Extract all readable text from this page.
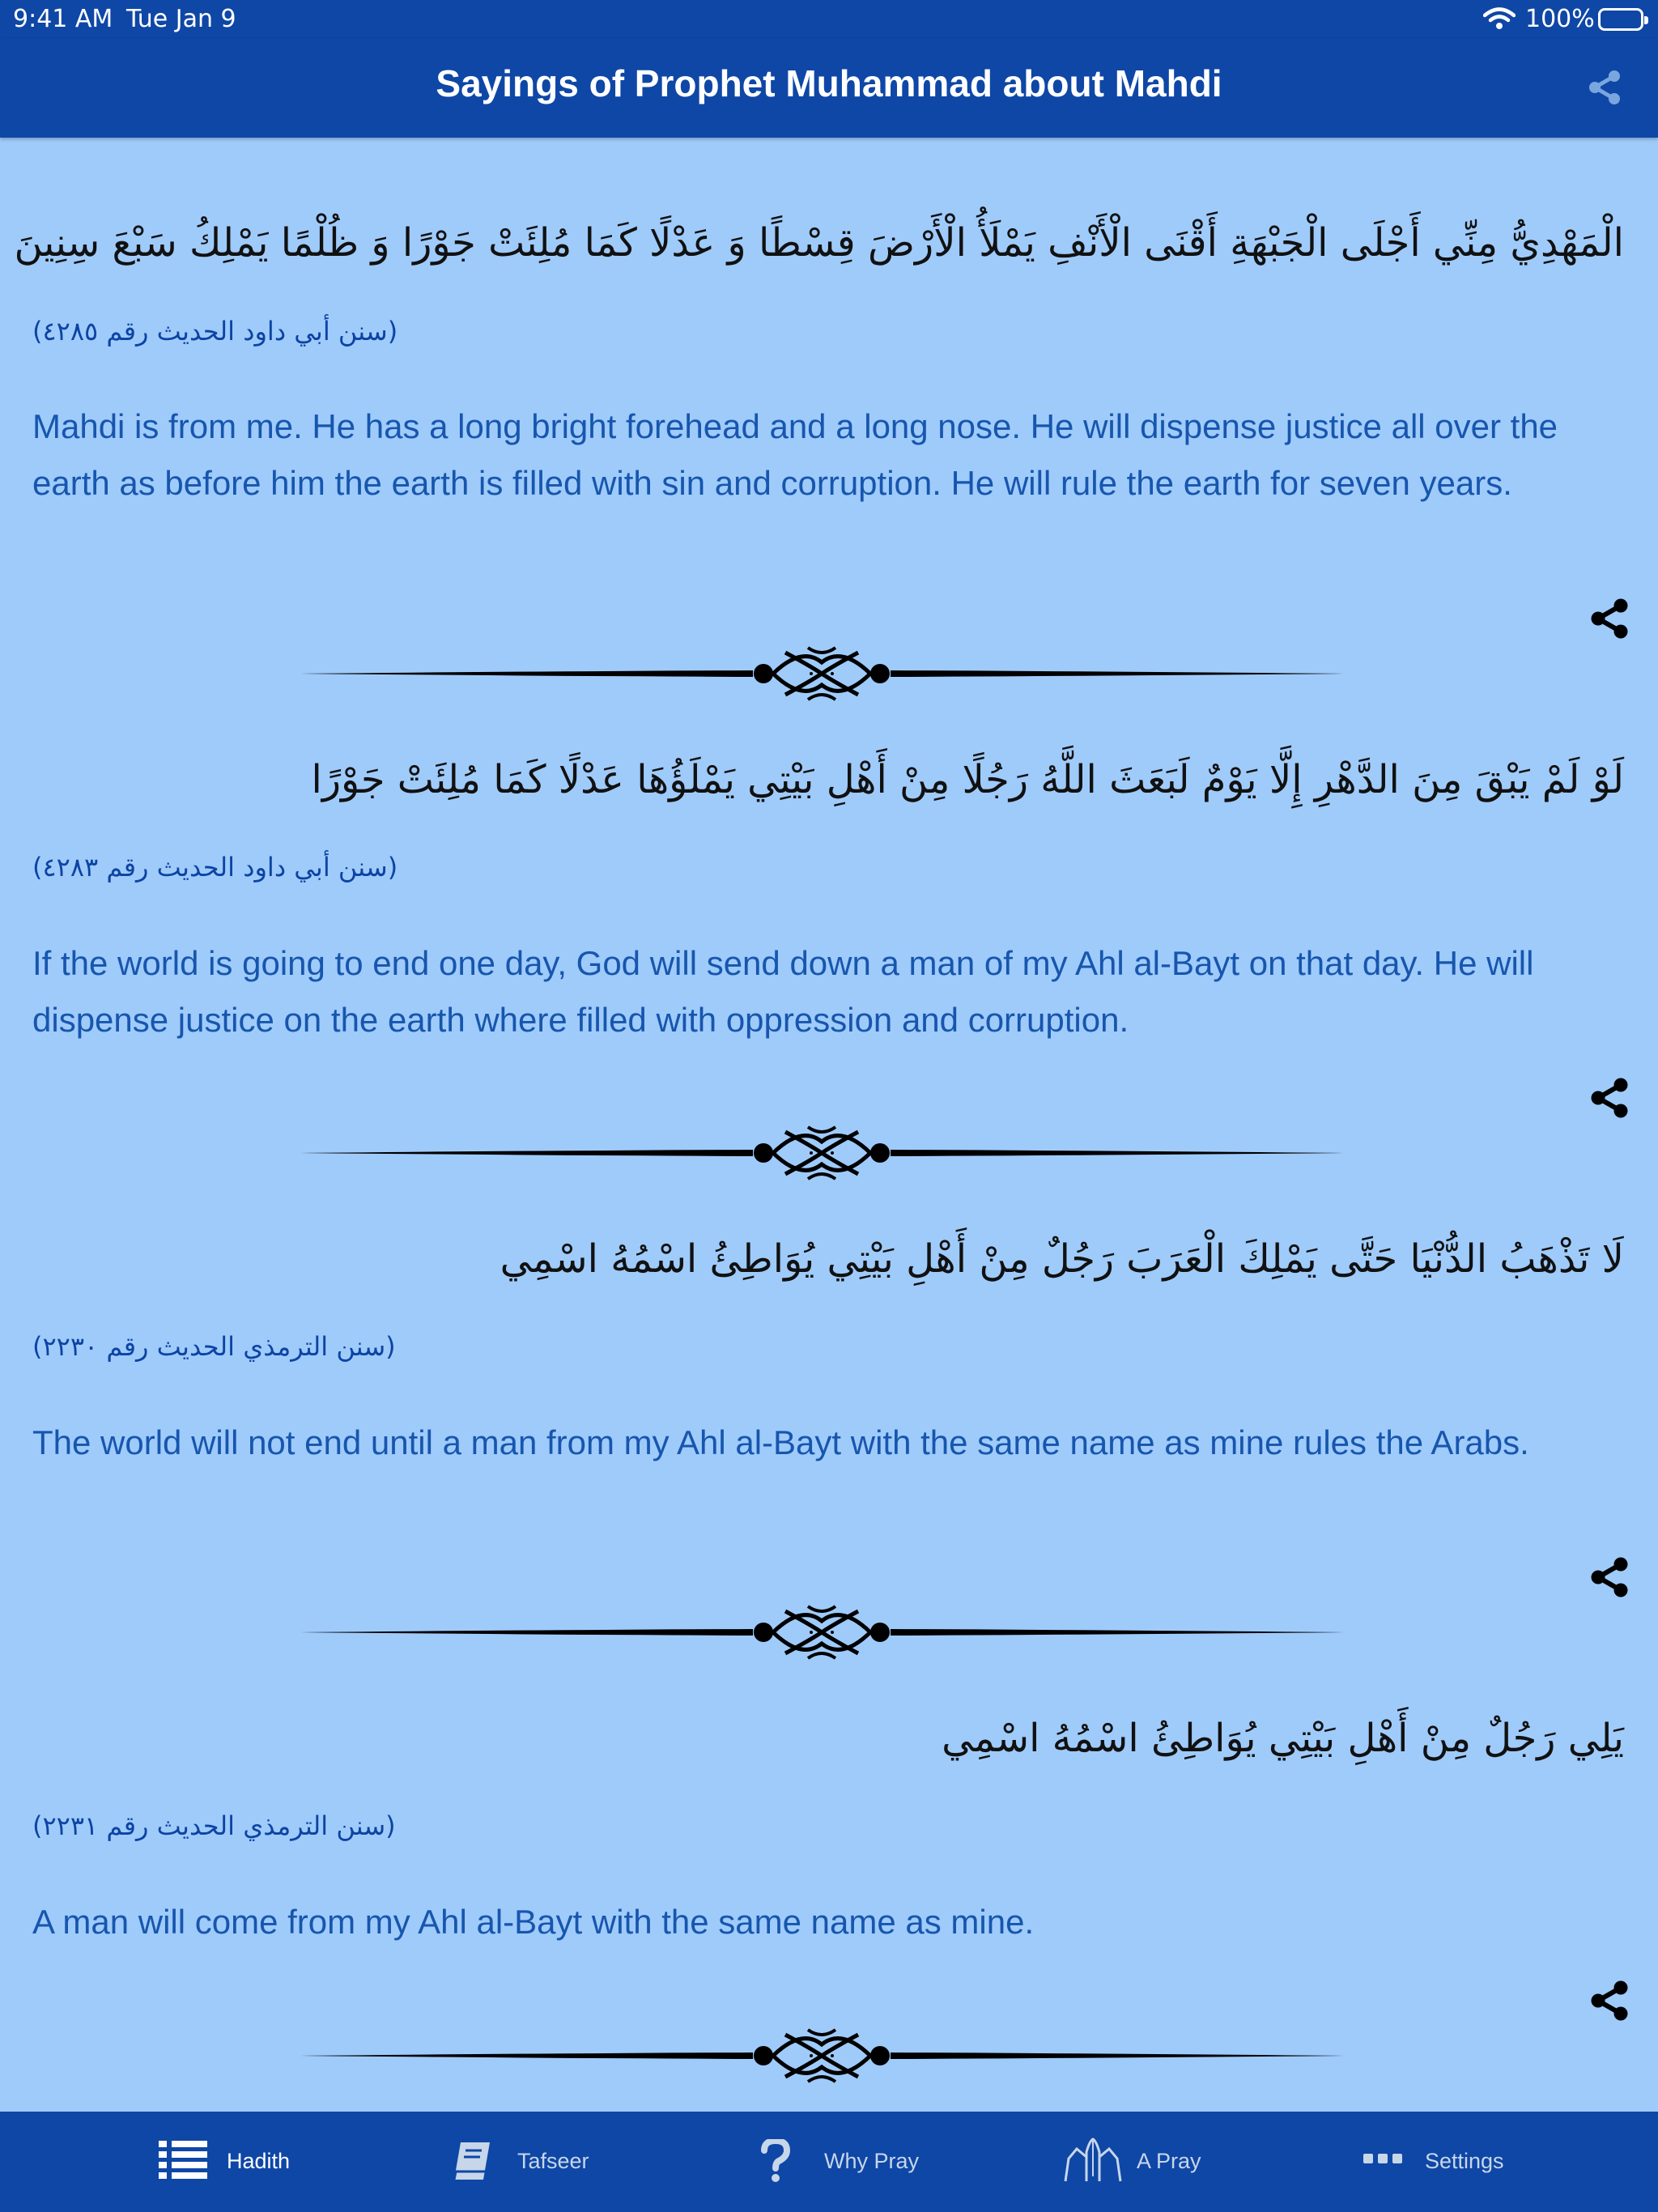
9:41 AM Tue Jan 9	100%
Sayings of Prophet Muhammad about Mahdi
الْمَهْدِيُّ مِنِّي أَجْلَى الْجَبْهَةِ أَقْنَى الْأَنْفِ يَمْلَأُ الْأَرْضَ قِسْطًا وَ عَدْلًا كَمَا مُلِئَتْ جَوْرًا وَ ظُلْمًا يَمْلِكُ سَبْعَ سِنِينَ
(سنن أبي داود الحديث رقم ٤٢٨٥)
Mahdi is from me. He has a long bright forehead and a long nose. He will dispense justice all over the earth as before him the earth is filled with sin and corruption. He will rule the earth for seven years.
لَوْ لَمْ يَبْقَ مِنَ الدَّهْرِ إِلَّا يَوْمٌ لَبَعَثَ اللَّهُ رَجُلًا مِنْ أَهْلِ بَيْتِي يَمْلَؤُهَا عَدْلًا كَمَا مُلِئَتْ جَوْرًا
(سنن أبي داود الحديث رقم ٤٢٨٣)
If the world is going to end one day, God will send down a man of my Ahl al-Bayt on that day. He will dispense justice on the earth where filled with oppression and corruption.
لَا تَذْهَبُ الدُّنْيَا حَتَّى يَمْلِكَ الْعَرَبَ رَجُلٌ مِنْ أَهْلِ بَيْتِي يُوَاطِئُ اسْمُهُ اسْمِي
(سنن الترمذي الحديث رقم ٢٢٣٠)
The world will not end until a man from my Ahl al-Bayt with the same name as mine rules the Arabs.
يَلِي رَجُلٌ مِنْ أَهْلِ بَيْتِي يُوَاطِئُ اسْمُهُ اسْمِي
(سنن الترمذي الحديث رقم ٢٢٣١)
A man will come from my Ahl al-Bayt with the same name as mine.
Hadith	Tafseer	Why Pray	A Pray	Settings
